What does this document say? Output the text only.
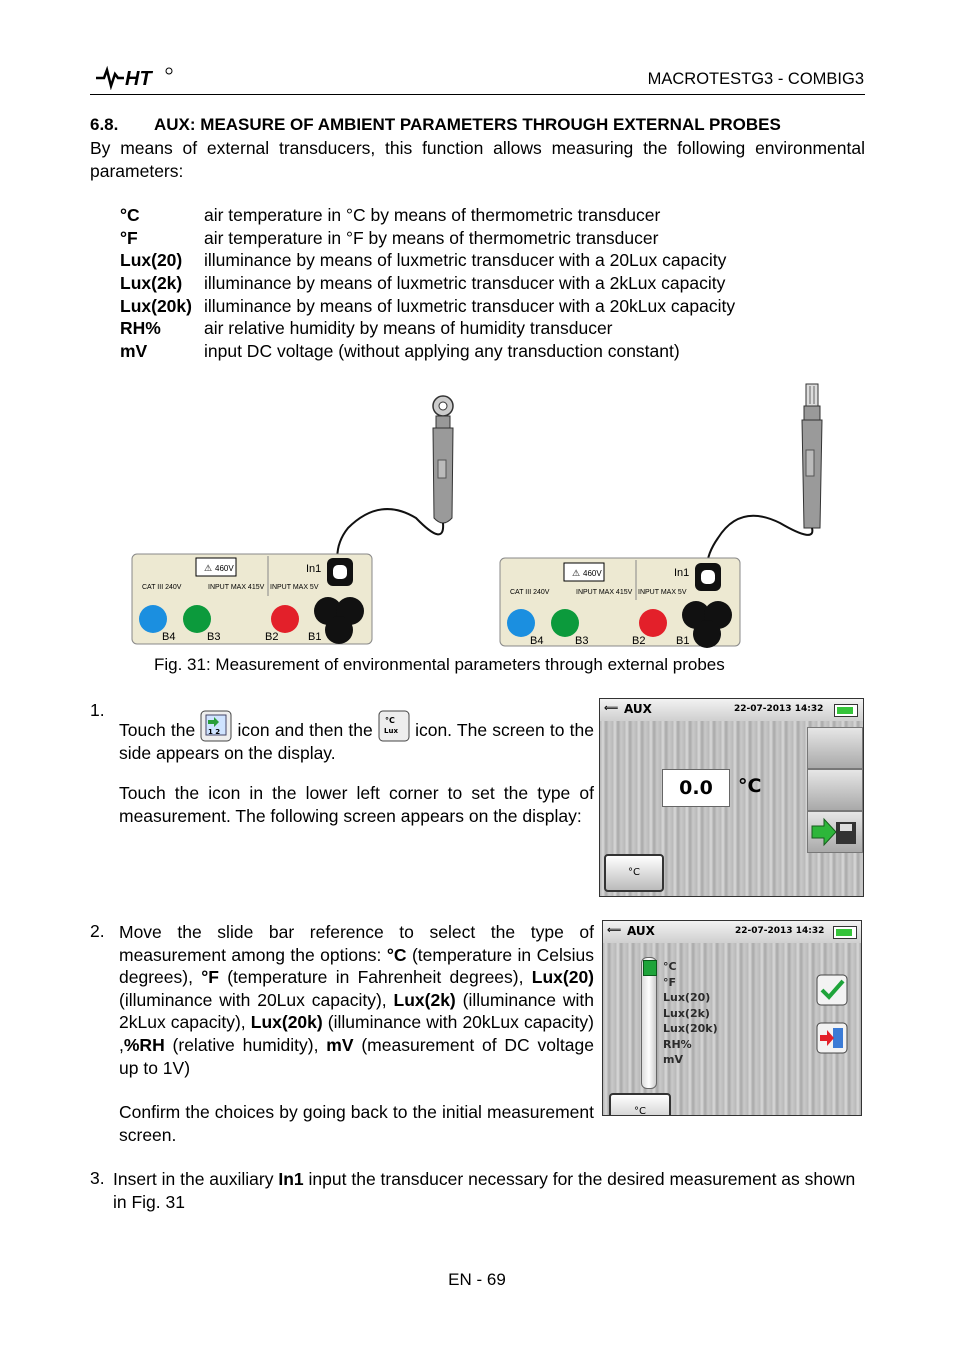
HT	MACROTESTG3 - COMBIG3
6.8. AUX: MEASURE OF AMBIENT PARAMETERS THROUGH EXTERNAL PROBES
By means of external transducers, this function allows measuring the following environmental parameters:
°C	air temperature in °C by means of thermometric transducer
°F	air temperature in °F by means of thermometric transducer
Lux(20) illuminance by means of luxmetric transducer with a 20Lux capacity
Lux(2k) illuminance by means of luxmetric transducer with a 2kLux capacity
Lux(20k) illuminance by means of luxmetric transducer with a 20kLux capacity
RH% air relative humidity by means of humidity transducer
mV	input DC voltage (without applying any transduction constant)
⚠ 460V
CAT III 240V	INPUT MAX 415V INPUT MAX 5V
In1
B4	B3	B2	B1
⚠ 460V
CAT III 240V	INPUT MAX 415V INPUT MAX 5V
In1
B4	B3	B2	B1
Fig. 31: Measurement of environmental parameters through external probes
1.
Touch the 1 2 icon and then the °C
Lux icon. The screen to the side appears on the display.
Touch the icon in the lower left corner to set the type of measurement. The following screen appears on the display:
⟸ AUX	22-07-2013 14:32
0.0	°C
°C
2. Move the slide bar reference to select the type of measurement among the options: °C (temperature in Celsius degrees), °F (temperature in Fahrenheit degrees), Lux(20) (illuminance with 20Lux capacity), Lux(2k) (illuminance with 2kLux capacity), Lux(20k) (illuminance with 20kLux capacity) ,%RH (relative humidity), mV (measurement of DC voltage up to 1V)
Confirm the choices by going back to the initial measurement screen.
⟸ AUX	22-07-2013 14:32
°C
°F
Lux(20)
Lux(2k)
Lux(20k)
RH%
mV
°C
3. Insert in the auxiliary In1 input the transducer necessary for the desired measurement as shown in Fig. 31
EN - 69
